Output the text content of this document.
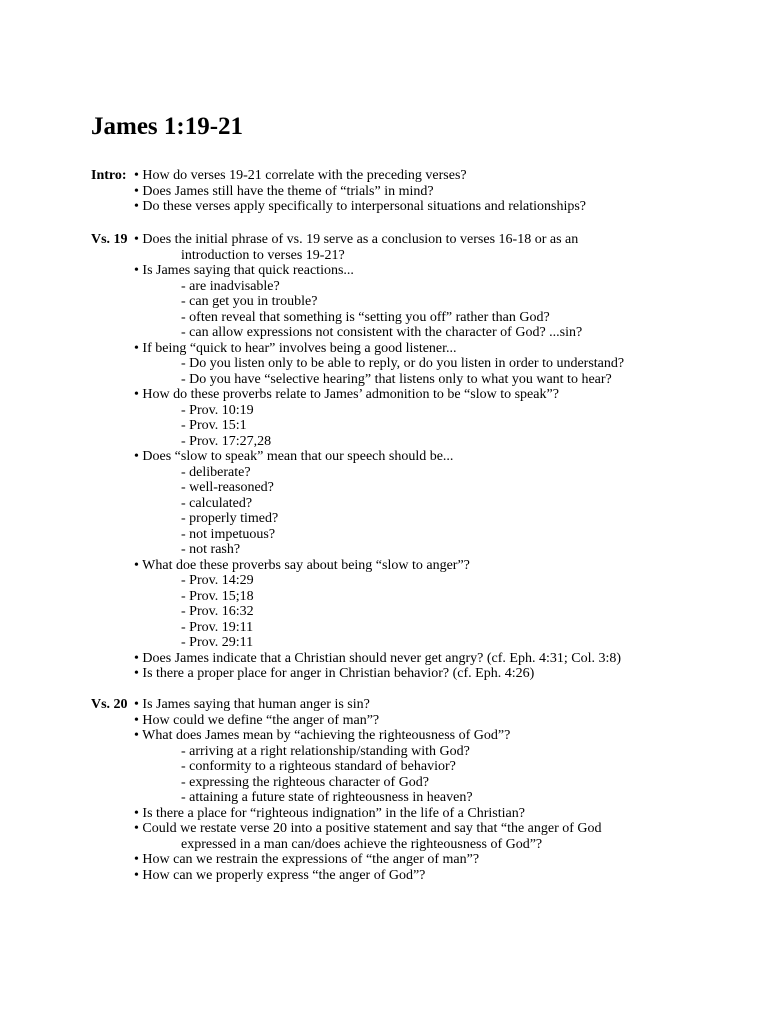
James 1:19-21
Intro: • How do verses 19-21 correlate with the preceding verses?
• Does James still have the theme of “trials” in mind?
• Do these verses apply specifically to interpersonal situations and relationships?
Vs. 19 • Does the initial phrase of vs. 19 serve as a conclusion to verses 16-18 or as an
introduction to verses 19-21?
• Is James saying that quick reactions...
- are inadvisable?
- can get you in trouble?
- often reveal that something is “setting you off” rather than God?
- can allow expressions not consistent with the character of God? ...sin?
• If being “quick to hear” involves being a good listener...
- Do you listen only to be able to reply, or do you listen in order to understand?
- Do you have “selective hearing” that listens only to what you want to hear?
• How do these proverbs relate to James’ admonition to be “slow to speak”?
- Prov. 10:19
- Prov. 15:1
- Prov. 17:27,28
• Does “slow to speak” mean that our speech should be...
- deliberate?
- well-reasoned?
- calculated?
- properly timed?
- not impetuous?
- not rash?
• What doe these proverbs say about being “slow to anger”?
- Prov. 14:29
- Prov. 15;18
- Prov. 16:32
- Prov. 19:11
- Prov. 29:11
• Does James indicate that a Christian should never get angry? (cf. Eph. 4:31; Col. 3:8)
• Is there a proper place for anger in Christian behavior? (cf. Eph. 4:26)
Vs. 20 • Is James saying that human anger is sin?
• How could we define “the anger of man”?
• What does James mean by “achieving the righteousness of God”?
- arriving at a right relationship/standing with God?
- conformity to a righteous standard of behavior?
- expressing the righteous character of God?
- attaining a future state of righteousness in heaven?
• Is there a place for “righteous indignation” in the life of a Christian?
• Could we restate verse 20 into a positive statement and say that “the anger of God
expressed in a man can/does achieve the righteousness of God”?
• How can we restrain the expressions of “the anger of man”?
• How can we properly express “the anger of God”?
